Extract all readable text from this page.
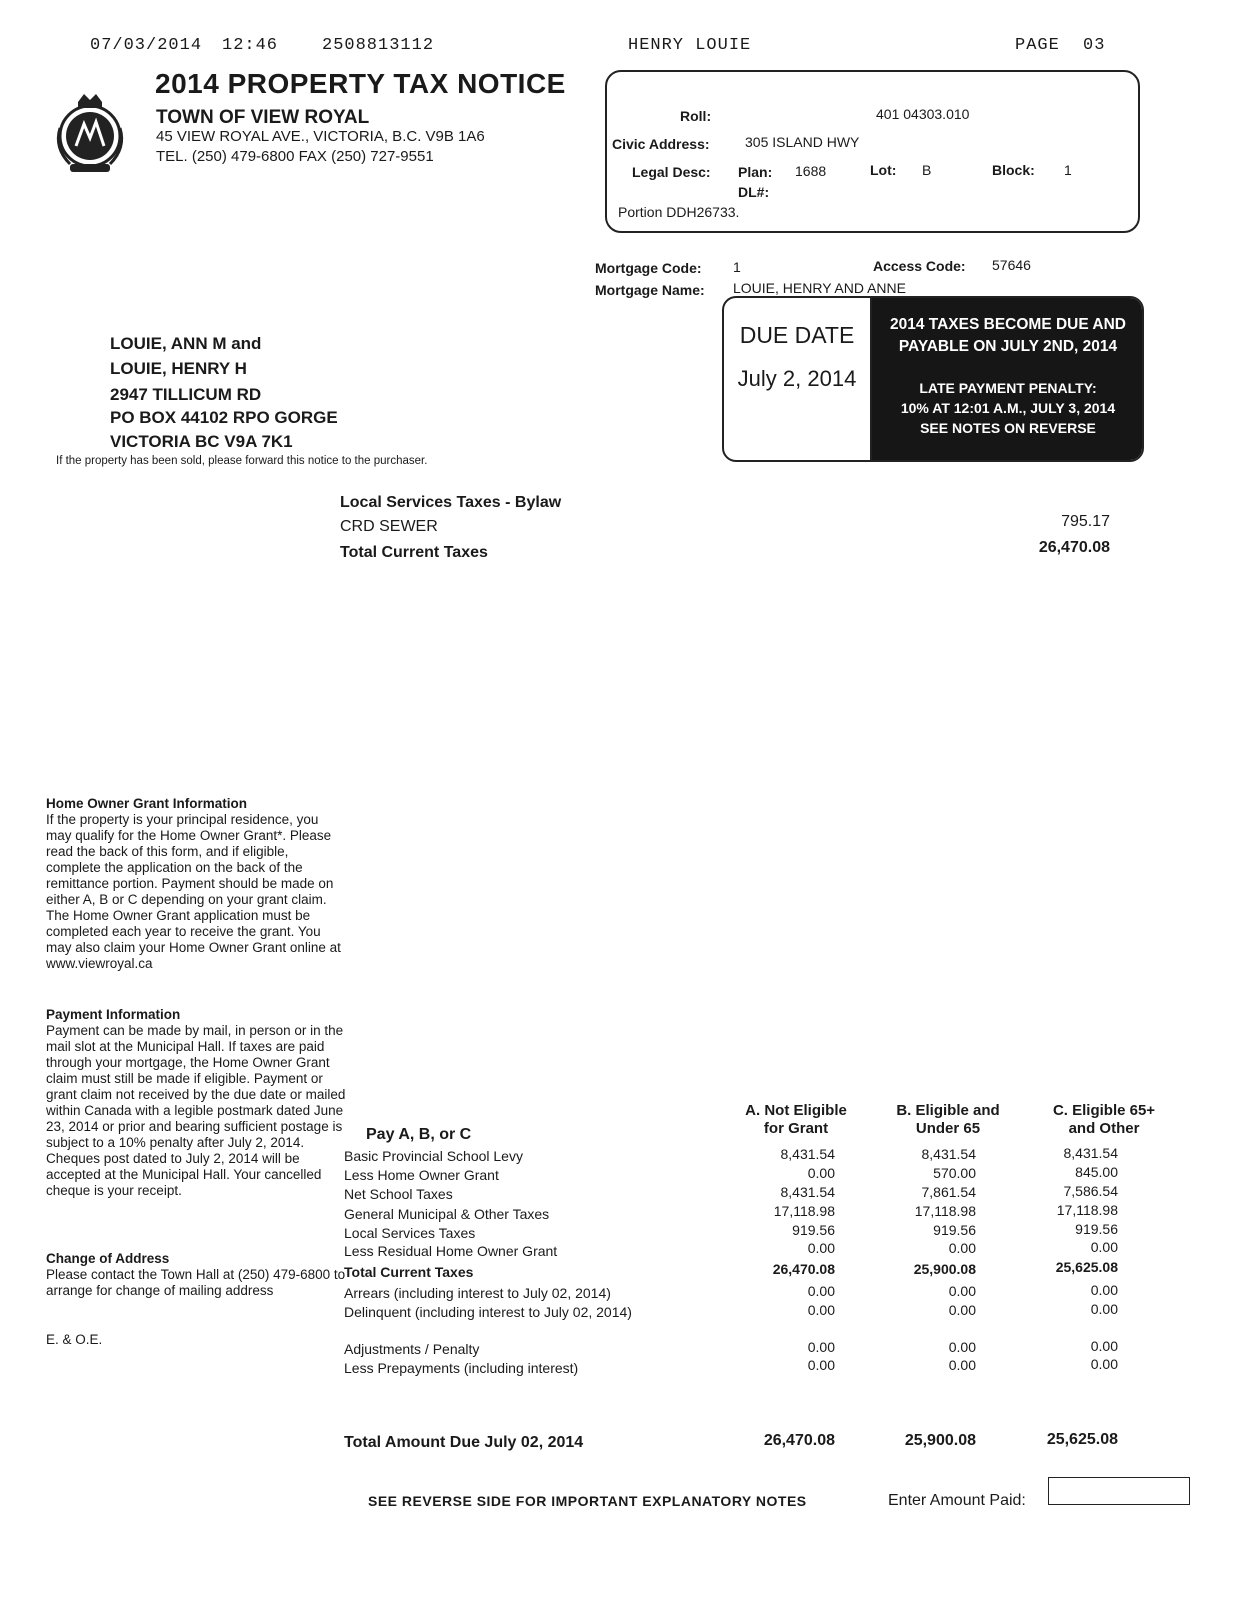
07/03/2014 12:46	2508813112	HENRY LOUIE	PAGE 03
2014 PROPERTY TAX NOTICE
TOWN OF VIEW ROYAL
45 VIEW ROYAL AVE., VICTORIA, B.C. V9B 1A6
TEL. (250) 479-6800 FAX (250) 727-9551
Roll:	401 04303.010
Civic Address:	305 ISLAND HWY
Legal Desc: Plan: 1688	Lot: B	Block: 1
DL#:
Portion DDH26733.
Mortgage Code: 1	Access Code: 57646
Mortgage Name: LOUIE, HENRY AND ANNE
DUE DATE
July 2, 2014
2014 TAXES BECOME DUE AND
PAYABLE ON JULY 2ND, 2014
LATE PAYMENT PENALTY:
10% AT 12:01 A.M., JULY 3, 2014
SEE NOTES ON REVERSE
LOUIE, ANN M and
LOUIE, HENRY H
2947 TILLICUM RD
PO BOX 44102 RPO GORGE
VICTORIA BC V9A 7K1
If the property has been sold, please forward this notice to the purchaser.
Local Services Taxes - Bylaw
CRD SEWER	795.17
Total Current Taxes	26,470.08
Home Owner Grant Information
If the property is your principal residence, you may qualify for the Home Owner Grant*. Please read the back of this form, and if eligible, complete the application on the back of the remittance portion. Payment should be made on either A, B or C depending on your grant claim. The Home Owner Grant application must be completed each year to receive the grant. You may also claim your Home Owner Grant online at www.viewroyal.ca
Payment Information
Payment can be made by mail, in person or in the mail slot at the Municipal Hall. If taxes are paid through your mortgage, the Home Owner Grant claim must still be made if eligible. Payment or grant claim not received by the due date or mailed within Canada with a legible postmark dated June 23, 2014 or prior and bearing sufficient postage is subject to a 10% penalty after July 2, 2014. Cheques post dated to July 2, 2014 will be accepted at the Municipal Hall. Your cancelled cheque is your receipt.
Change of Address
Please contact the Town Hall at (250) 479-6800 to arrange for change of mailing address
E. & O.E.
Pay A, B, or C
A. Not Eligible
for Grant
B. Eligible and
Under 65
C. Eligible 65+
and Other
Basic Provincial School Levy	8,431.54	8,431.54	8,431.54
Less Home Owner Grant	0.00	570.00	845.00
Net School Taxes	8,431.54	7,861.54	7,586.54
General Municipal & Other Taxes	17,118.98	17,118.98	17,118.98
Local Services Taxes	919.56	919.56	919.56
Less Residual Home Owner Grant	0.00	0.00	0.00
Total Current Taxes	26,470.08	25,900.08	25,625.08
Arrears (including interest to July 02, 2014)	0.00	0.00	0.00
Delinquent (including interest to July 02, 2014)	0.00	0.00	0.00
Adjustments / Penalty	0.00	0.00	0.00
Less Prepayments (including interest)	0.00	0.00	0.00
Total Amount Due July 02, 2014	26,470.08	25,900.08	25,625.08
SEE REVERSE SIDE FOR IMPORTANT EXPLANATORY NOTES	Enter Amount Paid:
